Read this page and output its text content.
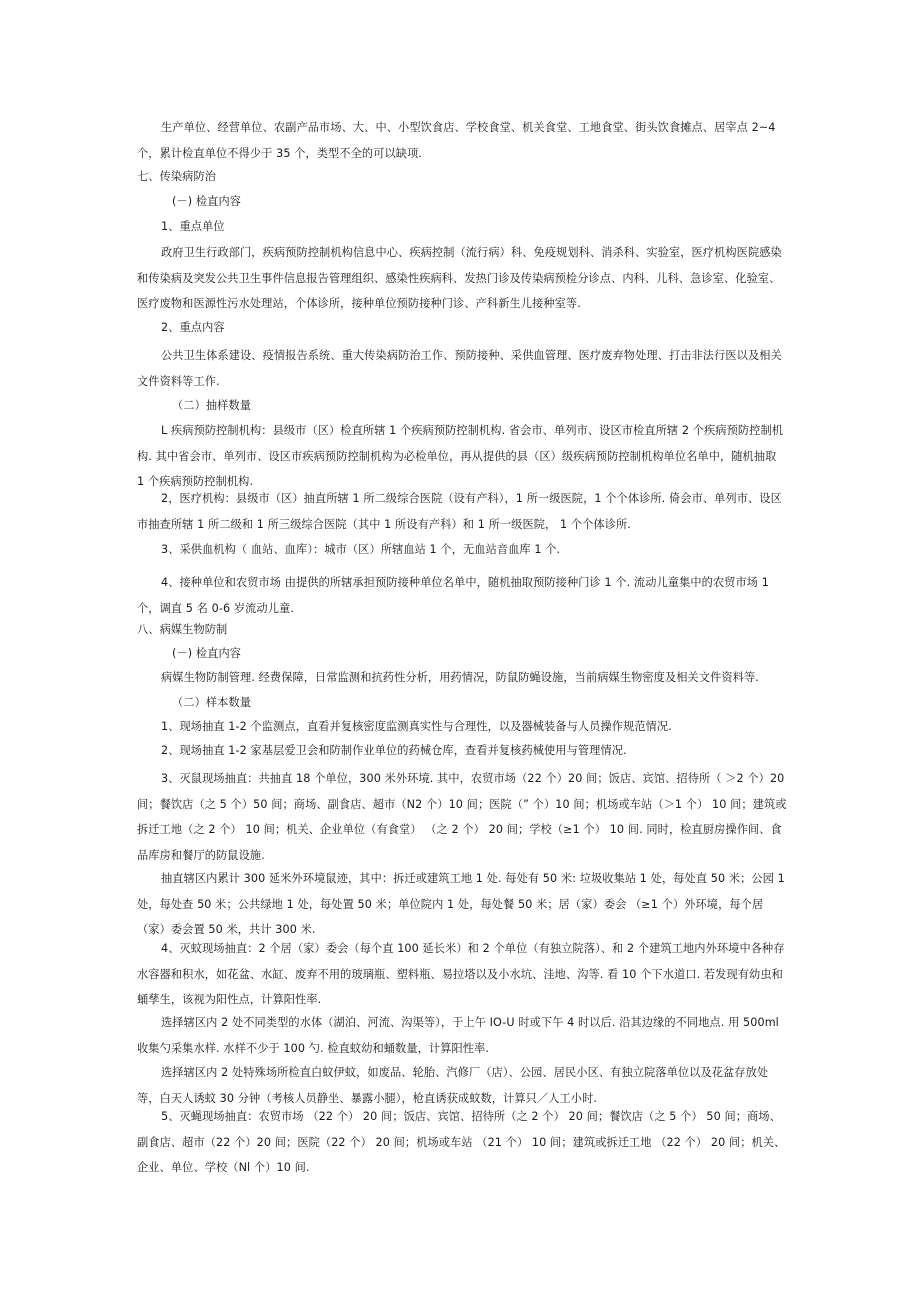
生产单位、经营单位、农副产品市场、大、中、小型饮食店、学校食堂、机关食堂、工地食堂、街头饮食摊点、居宰点 2~4 个，累计检直单位不得少于 35 个，类型不全的可以缺项.

七、传染病防治

(－) 检直内容

1、重点单位

政府卫生行政部门，疾病预防控制机构信息中心、疾病控制（流行病）科、免疫规划科、消杀科、实验室，医疗机构医院感染和传染病及突发公共卫生事件信息报告管理组织、感染性疾病科、发热门诊及传染病预检分诊点、内科、儿科、急诊室、化验室、医疗废物和医源性污水处理站，个体诊所，接种单位预防接种门诊、产科新生儿接种室等.

2、重点内容

公共卫生体系建设、疫情报告系统、重大传染病防治工作、预防接种、采供血管理、医疗废弃物处理、打击非法行医以及相关文件资料等工作.

（二）抽样数量

L 疾病预防控制机构：县级市（区）检直所辖 1 个疾病预防控制机构. 省会市、单列市、设区市检直所辖 2 个疾病预防控制机构. 其中省会市、单列市、设区市疾病预防控制机构为必检单位，再从提供的县（区）级疾病预防控制机构单位名单中，随机抽取 1 个疾病预防控制机构.

2，医疗机构：县级市（区）抽直所辖 1 所二级综合医院（设有产科），1 所一级医院，1 个个体诊所. 倚会市、单列市、设区市抽查所辖 1 所二级和 1 所三级综合医院（其中 1 所设有产科）和 1 所一级医院， 1 个个体诊所.

3、采供血机构（ 血站、血库）：城市（区）所辖血站 1 个，无血站音血库 1 个.

4、接种单位和农贸市场 由提供的所辖承担预防接种单位名单中，随机抽取预防接种门诊 1 个. 流动儿童集中的农贸市场 1 个，调直 5 名 0-6 岁流动儿童.

八、病媒生物防制

(－) 检直内容

病媒生物防制管理. 经费保障，日常监测和抗药性分析，用药情况，防鼠防蝇设施，当前病媒生物密度及相关文件资料等.

（二）样本数量

1、现场抽直 1-2 个监测点，直看并复核密度监测真实性与合理性，以及器械装备与人员操作规范情况.

2、现场抽直 1-2 家基层爱卫会和防制作业单位的药械仓库，查看并复核药械使用与管理情况.

3、灭鼠现场抽直：共抽直 18 个单位，300 米外环境. 其中，农贸市场（22 个）20 间；饭店、宾馆、招待所（ ＞2 个）20 间；餐饮店（之 5 个）50 间；商场、副食店、超市（N2 个）10 间；医院（” 个）10 间；机场或车站（＞1 个） 10 间；建筑或拆迁工地（之 2 个） 10 间；机关、企业单位（有食堂） （之 2 个） 20 间；学校（≥1 个） 10 间. 同时，检直厨房操作间、食品库房和餐厅的防鼠设施.

抽直辖区内累计 300 延米外环境鼠迹，其中：拆迁或建筑工地 1 处. 每处有 50 米: 垃圾收集站 1 处，每处直 50 米；公园 1 处，每处查 50 米；公共绿地 1 处，每处置 50 米；单位院内 1 处，每处餐 50 米；居（家）委会 （≥1 个）外环境，每个居（家）委会置 50 米，共计 300 米.

4、灭蚊现场抽直：2 个居（家）委会（每个直 100 延长米）和 2 个单位（有独立院落）、和 2 个建筑工地内外环境中各种存水容器和积水，如花盆、水缸、废弃不用的玻璃瓶、塑料瓶、易拉塔以及小水坑、洼地、沟等. 看 10 个下水道口. 若发现有幼虫和蛹孳生，该视为阳性点，计算阳性率.

选择辖区内 2 处不同类型的水体（湖泊、河流、沟渠等），于上午 IO-U 时或下午 4 时以后. 沿其边缘的不同地点. 用 500ml 收集勺采集水样. 水样不少于 100 勺. 检直蚊幼和蛹数量，计算阳性率.

选择辖区内 2 处特殊场所检直白蚊伊蚊，如废品、轮胎、汽修厂（店）、公园、居民小区、有独立院落单位以及花盆存放处等，白天人诱蚊 30 分钟（考核人员静坐、暴露小腿），枪直诱获成蚊数，计算只／人工小时.

5、灭蝇现场抽直：农贸市场 （22 个） 20 间；饭店、宾馆、招待所（之 2 个） 20 间；餐饮店（之 5 个） 50 间；商场、副食店、超市（22 个）20 间；医院（22 个） 20 间；机场或车站 （21 个） 10 间；建筑或拆迁工地 （22 个） 20 间；机关、企业、单位、学校（Nl 个）10 间.
